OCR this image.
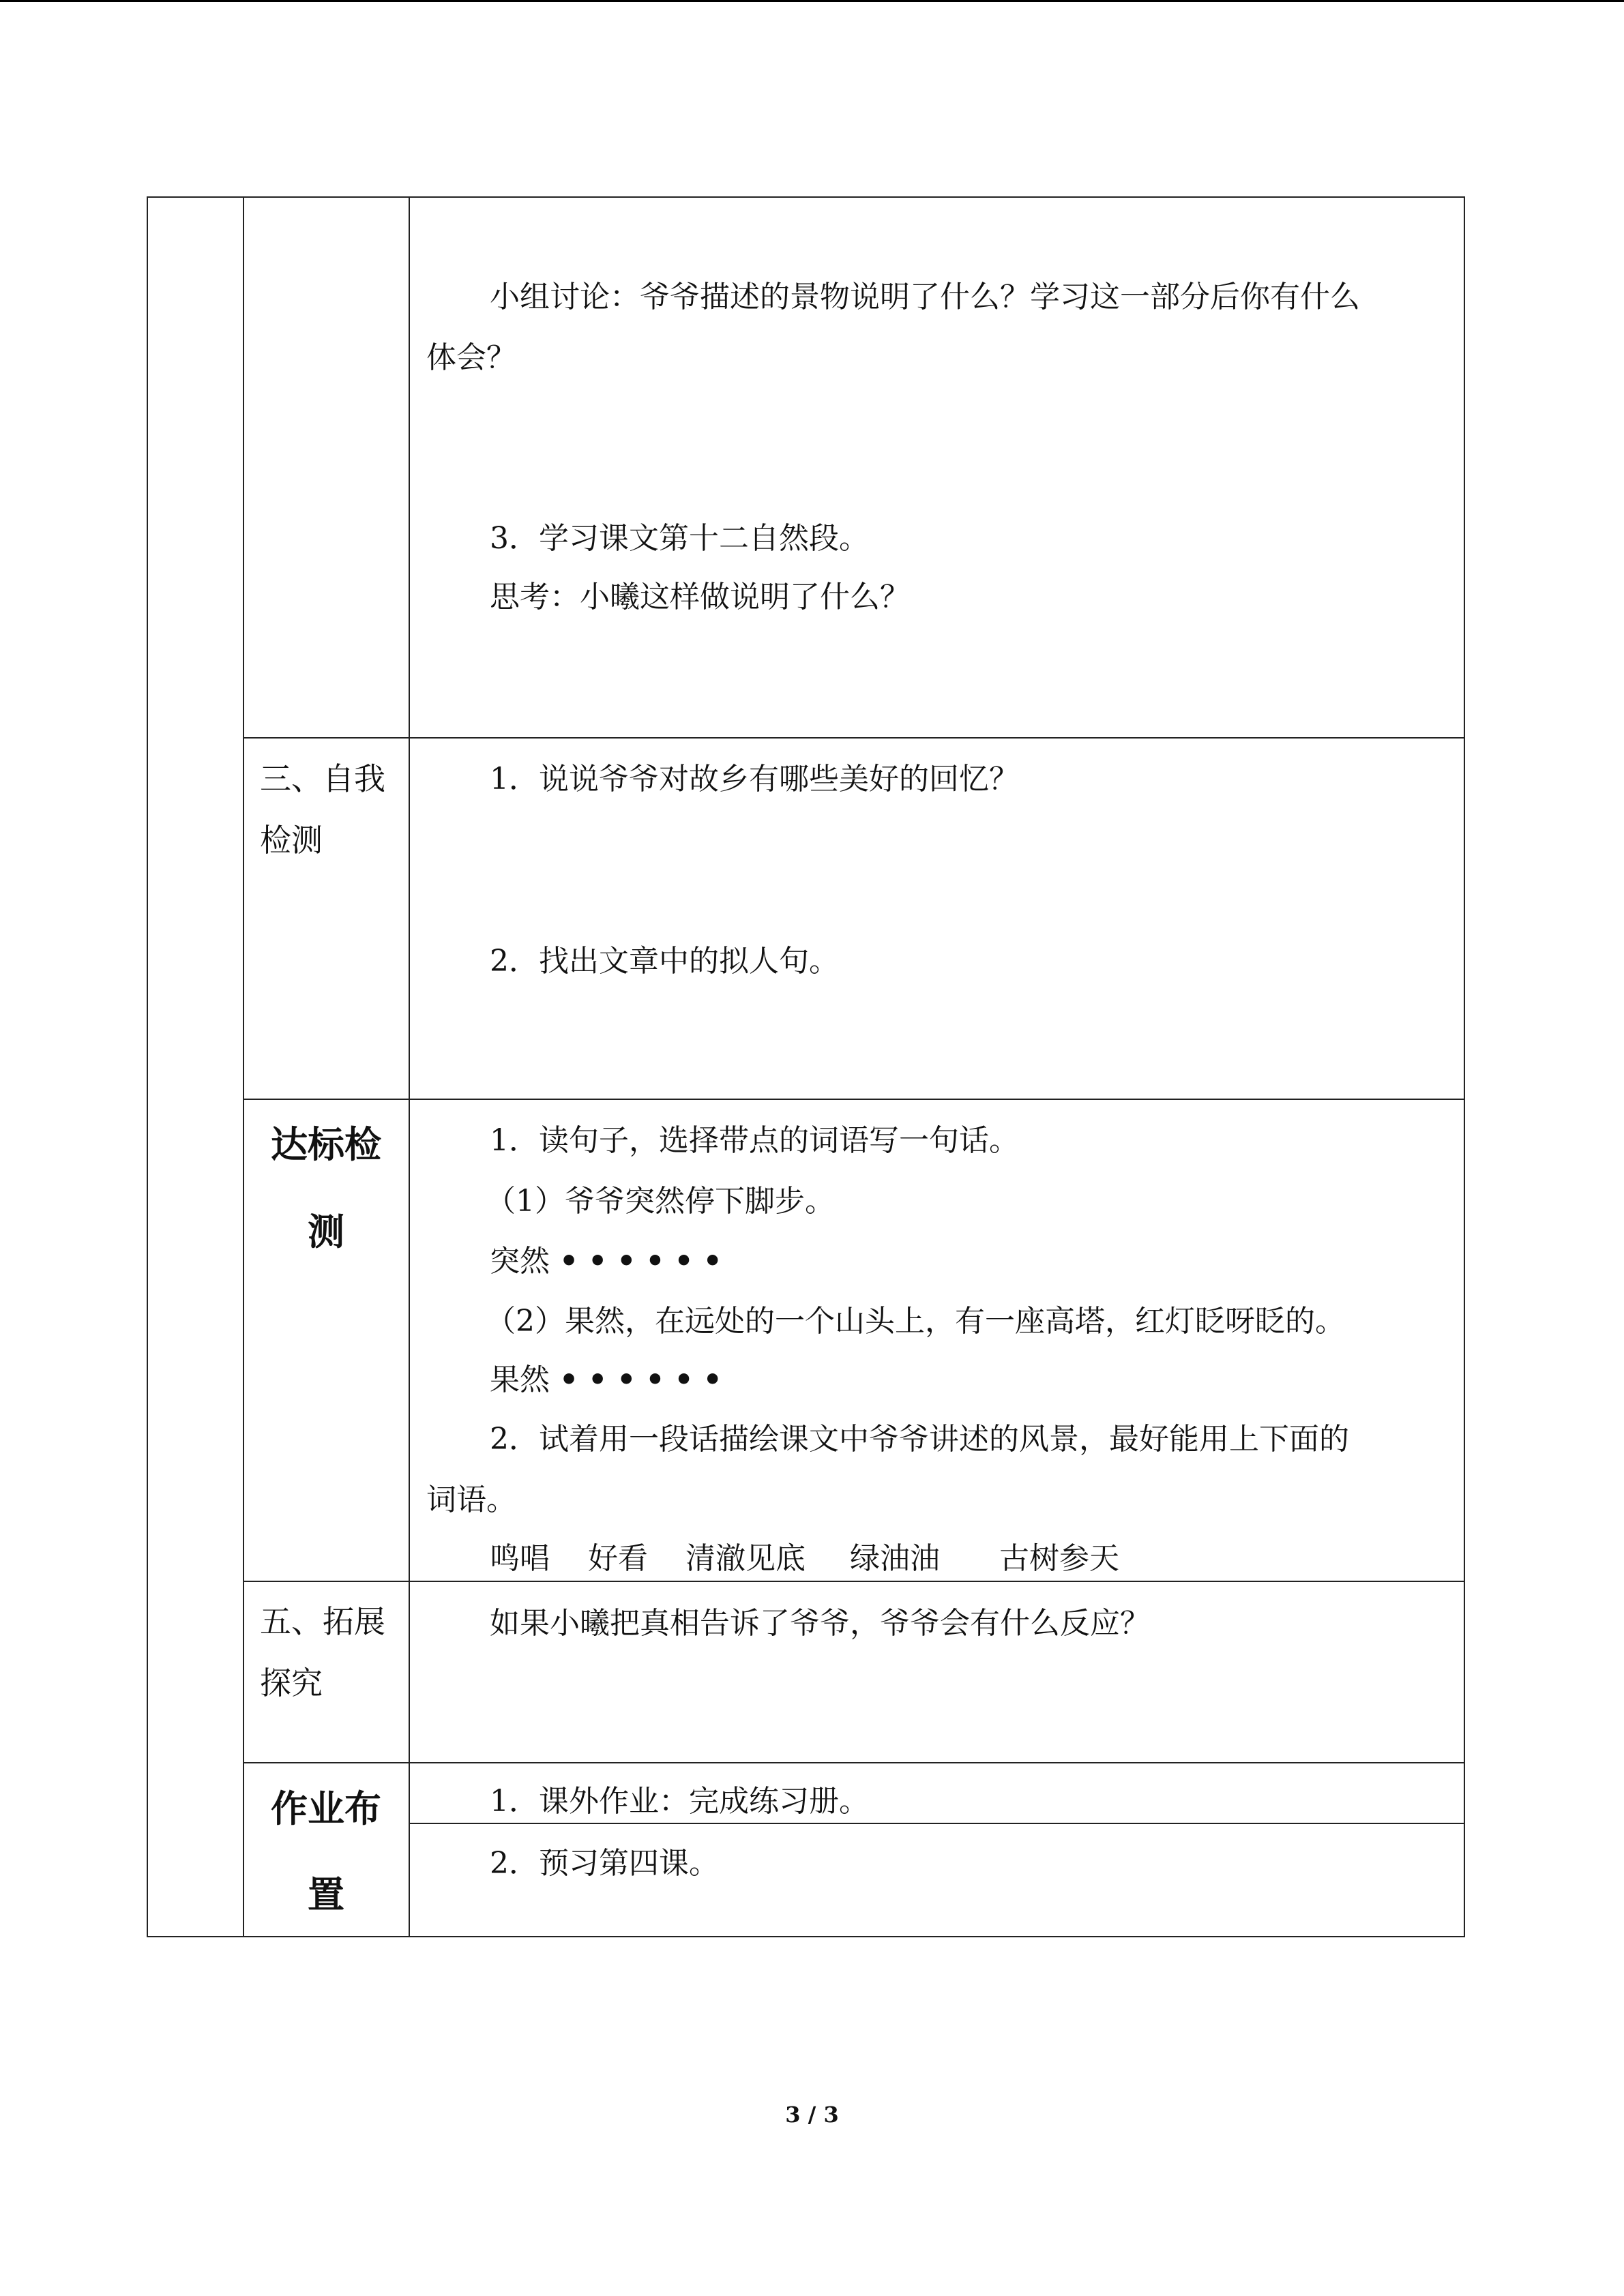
小组讨论：爷爷描述的景物说明了什么？学习这一部分后你有什么
体会？
3．学习课文第十二自然段。
思考：小曦这样做说明了什么？
三、自我
检测
1．说说爷爷对故乡有哪些美好的回忆？
2．找出文章中的拟人句。
达标检
测
1．读句子，选择带点的词语写一句话。
（1）爷爷突然停下脚步。
突然 ••••••
（2）果然，在远处的一个山头上，有一座高塔，红灯眨呀眨的。
果然 ••••••
2．试着用一段话描绘课文中爷爷讲述的风景，最好能用上下面的
词语。
鸣唱 好看 清澈见底 绿油油 古树参天
五、拓展
探究
如果小曦把真相告诉了爷爷，爷爷会有什么反应？
作业布
置
1．课外作业：完成练习册。
2．预习第四课。
3 / 3
